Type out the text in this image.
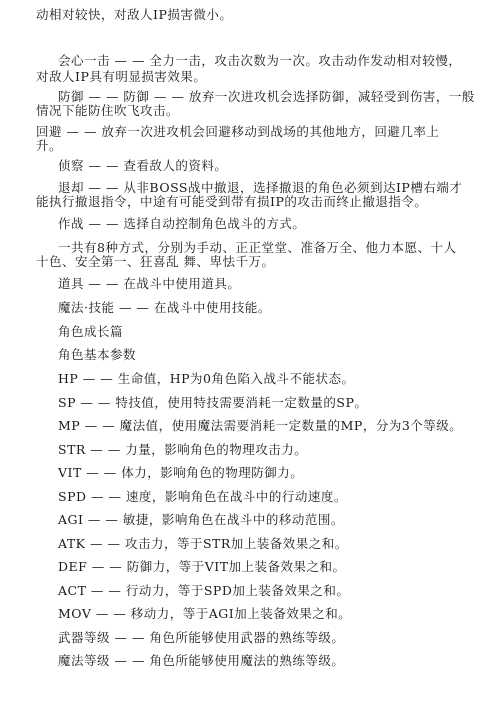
动相对较快，对敌人IP损害微小。
会心一击 — — 全力一击，攻击次数为一次。攻击动作发动相对较慢，
对敌人IP具有明显损害效果。
防御 — — 防御 — — 放弃一次进攻机会选择防御，减轻受到伤害，一般
情况下能防住吹飞攻击。
回避 — — 放弃一次进攻机会回避移动到战场的其他地方，回避几率上
升。
侦察 — — 查看敌人的资料。
退却 — — 从非BOSS战中撤退，选择撤退的角色必须到达IP槽右端才
能执行撤退指令，中途有可能受到带有损IP的攻击而终止撤退指令。
作战 — — 选择自动控制角色战斗的方式。
一共有8种方式，分别为手动、正正堂堂、准备万全、他力本愿、十人
十色、安全第一、狂喜乱 舞、卑怯千万。
道具 — — 在战斗中使用道具。
魔法·技能 — — 在战斗中使用技能。
角色成长篇
角色基本参数
HP — — 生命值，HP为0角色陷入战斗不能状态。
SP — — 特技值，使用特技需要消耗一定数量的SP。
MP — — 魔法值，使用魔法需要消耗一定数量的MP，分为3个等级。
STR — — 力量，影响角色的物理攻击力。
VIT — — 体力，影响角色的物理防御力。
SPD — — 速度，影响角色在战斗中的行动速度。
AGI — — 敏捷，影响角色在战斗中的移动范围。
ATK — — 攻击力，等于STR加上装备效果之和。
DEF — — 防御力，等于VIT加上装备效果之和。
ACT — — 行动力，等于SPD加上装备效果之和。
MOV — — 移动力，等于AGI加上装备效果之和。
武器等级 — — 角色所能够使用武器的熟练等级。
魔法等级 — — 角色所能够使用魔法的熟练等级。
